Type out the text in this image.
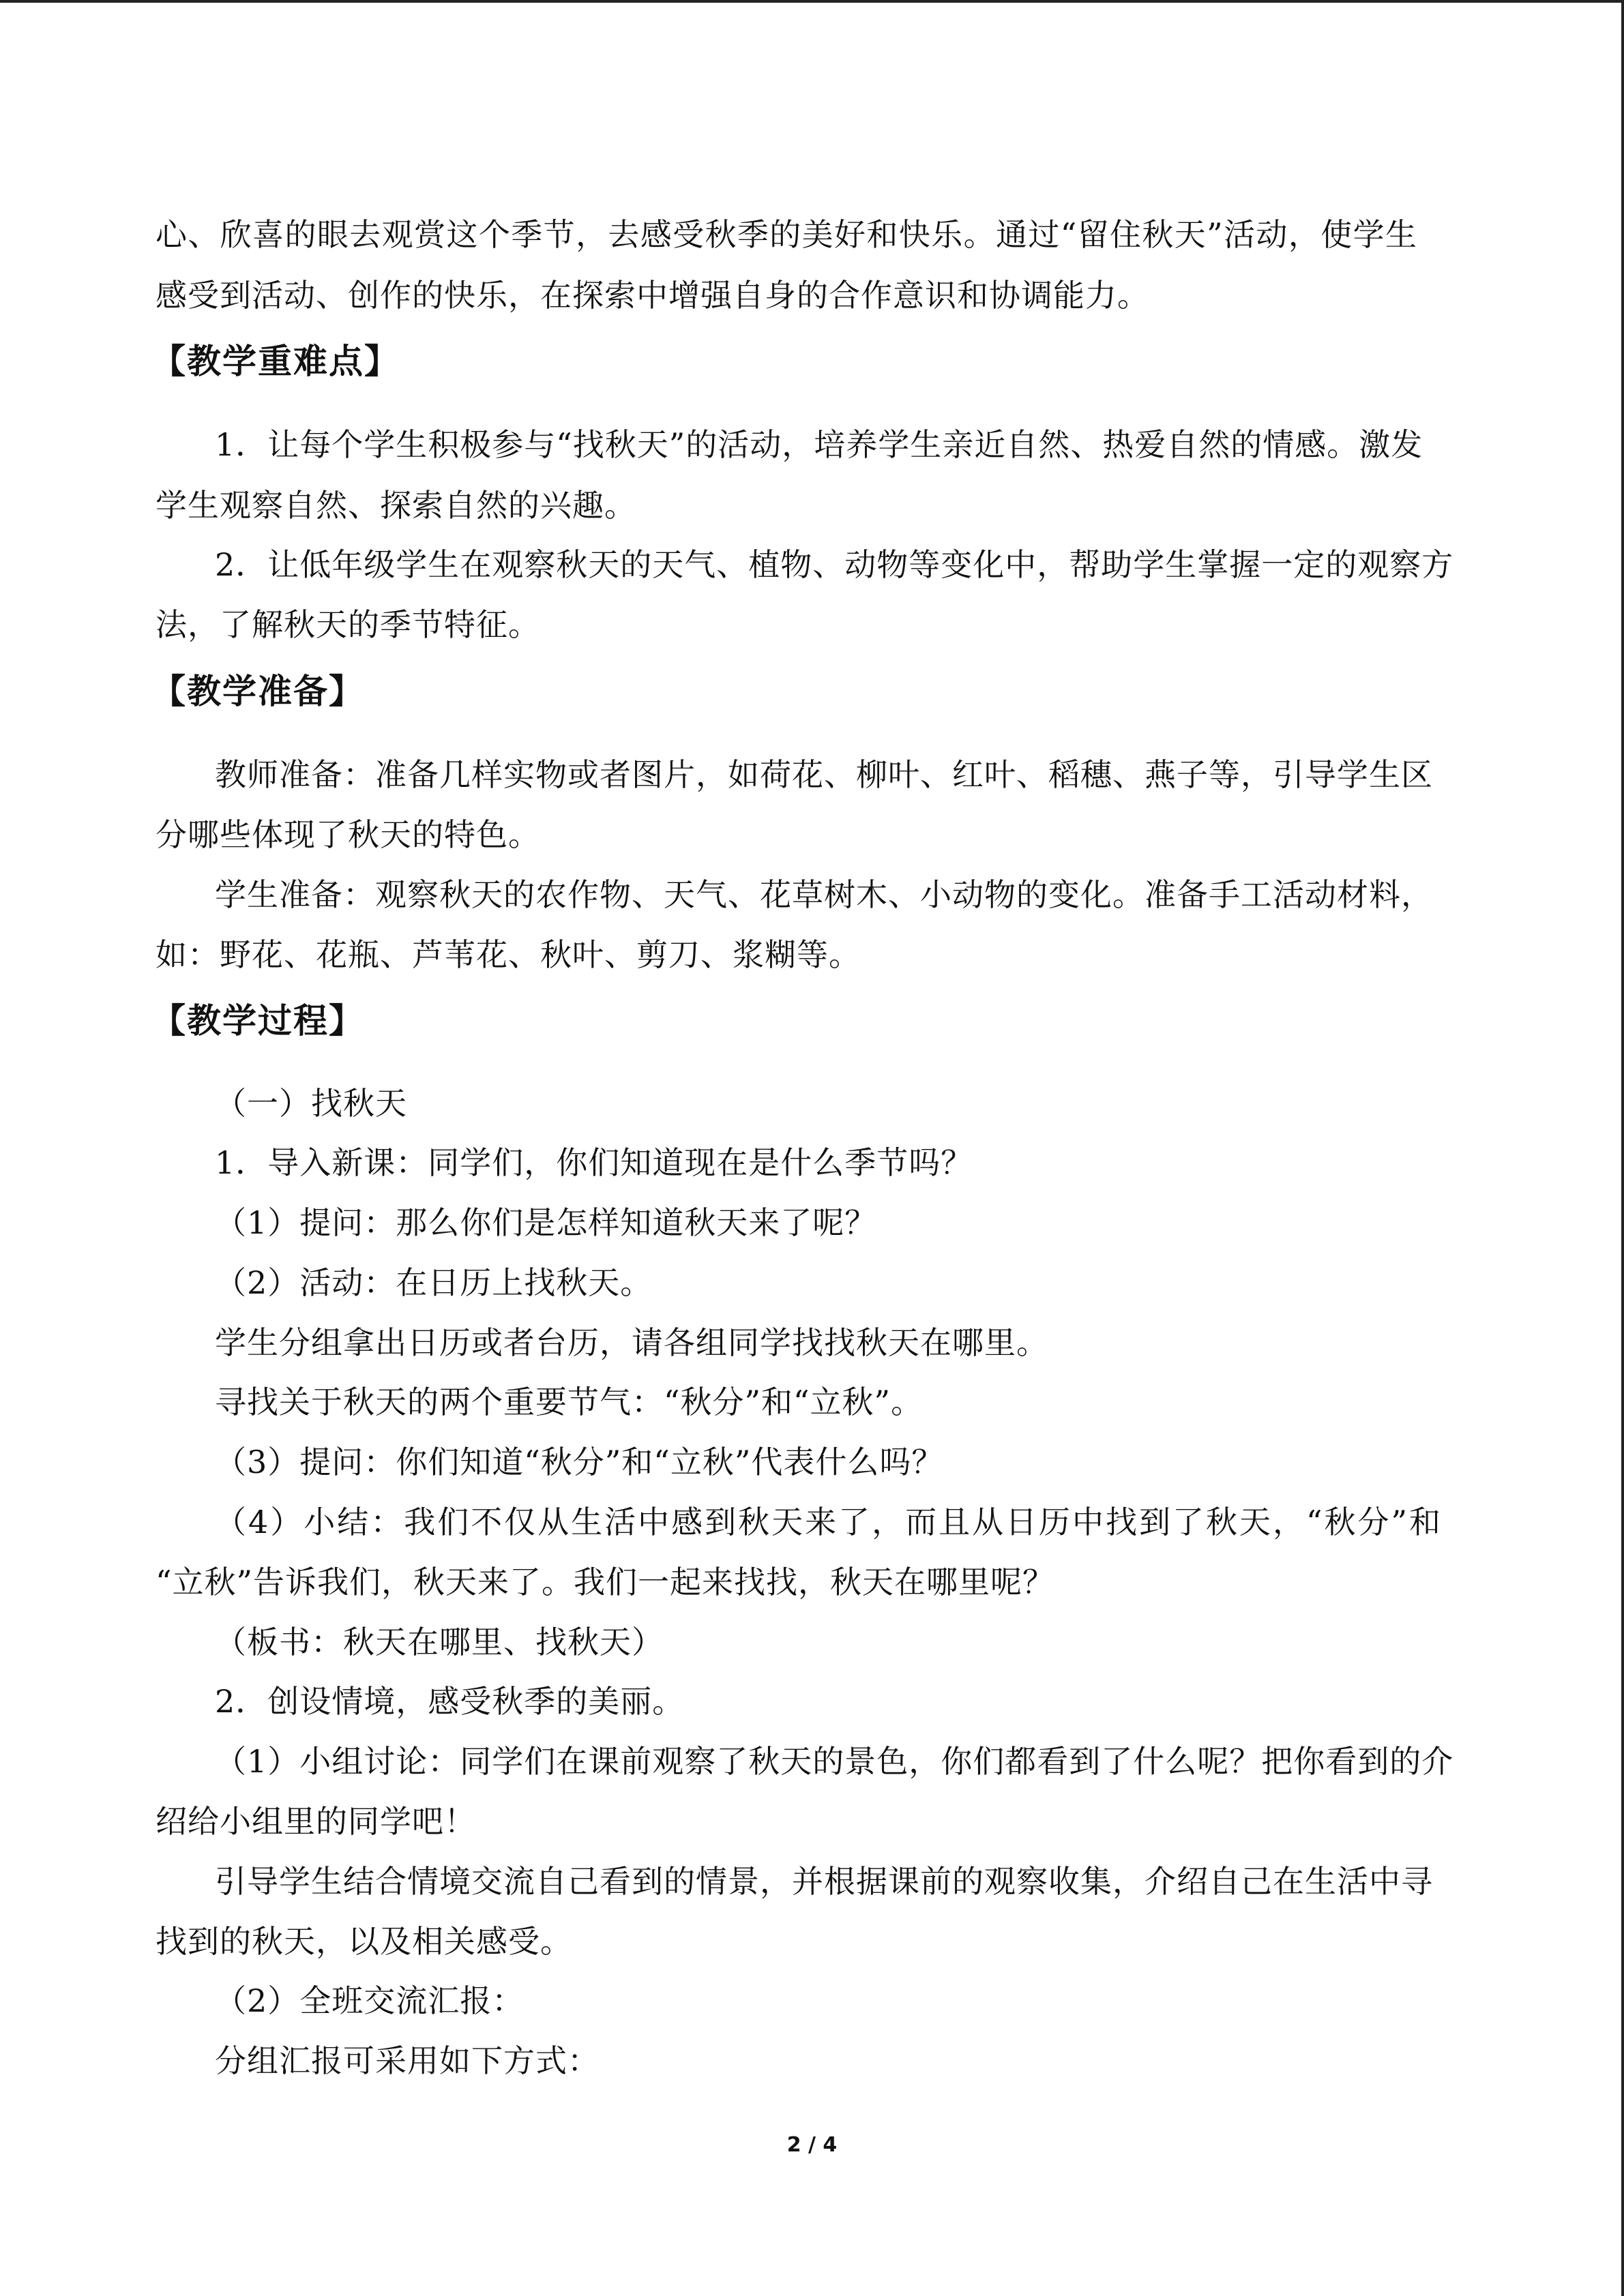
心、欣喜的眼去观赏这个季节，去感受秋季的美好和快乐。通过“留住秋天”活动，使学生
感受到活动、创作的快乐，在探索中增强自身的合作意识和协调能力。
【教学重难点】
1．让每个学生积极参与“找秋天”的活动，培养学生亲近自然、热爱自然的情感。激发
学生观察自然、探索自然的兴趣。
2．让低年级学生在观察秋天的天气、植物、动物等变化中，帮助学生掌握一定的观察方
法，了解秋天的季节特征。
【教学准备】
教师准备：准备几样实物或者图片，如荷花、柳叶、红叶、稻穗、燕子等，引导学生区
分哪些体现了秋天的特色。
学生准备：观察秋天的农作物、天气、花草树木、小动物的变化。准备手工活动材料，
如：野花、花瓶、芦苇花、秋叶、剪刀、浆糊等。
【教学过程】
（一）找秋天
1．导入新课：同学们，你们知道现在是什么季节吗？
（1）提问：那么你们是怎样知道秋天来了呢？
（2）活动：在日历上找秋天。
学生分组拿出日历或者台历，请各组同学找找秋天在哪里。
寻找关于秋天的两个重要节气：“秋分”和“立秋”。
（3）提问：你们知道“秋分”和“立秋”代表什么吗？
（4）小结：我们不仅从生活中感到秋天来了，而且从日历中找到了秋天，“秋分”和
“立秋”告诉我们，秋天来了。我们一起来找找，秋天在哪里呢？
（板书：秋天在哪里、找秋天）
2．创设情境，感受秋季的美丽。
（1）小组讨论：同学们在课前观察了秋天的景色，你们都看到了什么呢？把你看到的介
绍给小组里的同学吧！
引导学生结合情境交流自己看到的情景，并根据课前的观察收集，介绍自己在生活中寻
找到的秋天，以及相关感受。
（2）全班交流汇报：
分组汇报可采用如下方式：
2 / 4
